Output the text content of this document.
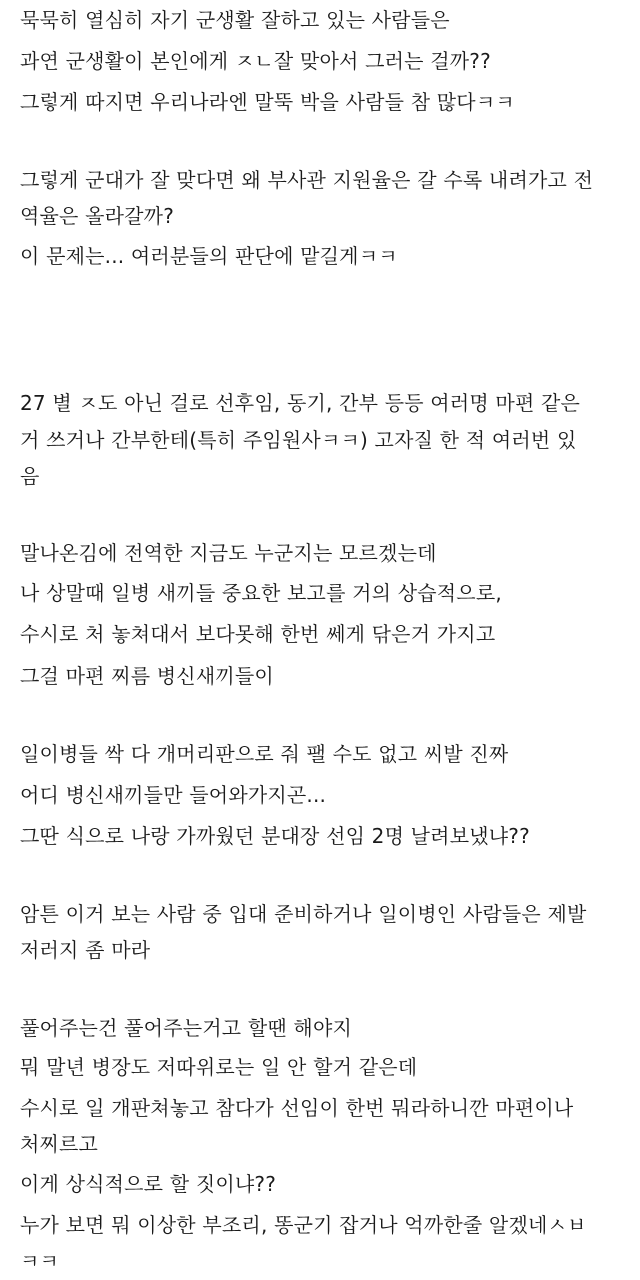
묵묵히 열심히 자기 군생활 잘하고 있는 사람들은
과연 군생활이 본인에게 ㅈㄴ잘 맞아서 그러는 걸까??
그렇게 따지면 우리나라엔 말뚝 박을 사람들 참 많다ㅋㅋ
그렇게 군대가 잘 맞다면 왜 부사관 지원율은 갈 수록 내려가고 전
역율은 올라갈까?
이 문제는... 여러분들의 판단에 맡길게ㅋㅋ
27 별 ㅈ도 아닌 걸로 선후임, 동기, 간부 등등 여러명 마편 같은
거 쓰거나 간부한테(특히 주임원사ㅋㅋ) 고자질 한 적 여러번 있
음
말나온김에 전역한 지금도 누군지는 모르겠는데
나 상말때 일병 새끼들 중요한 보고를 거의 상습적으로,
수시로 처 놓쳐대서 보다못해 한번 쎄게 닦은거 가지고
그걸 마편 찌름 병신새끼들이
일이병들 싹 다 개머리판으로 줘 팰 수도 없고 씨발 진짜
어디 병신새끼들만 들어와가지곤...
그딴 식으로 나랑 가까웠던 분대장 선임 2명 날려보냈냐??
암튼 이거 보는 사람 중 입대 준비하거나 일이병인 사람들은 제발
저러지 좀 마라
풀어주는건 풀어주는거고 할땐 해야지
뭐 말년 병장도 저따위로는 일 안 할거 같은데
수시로 일 개판쳐놓고 참다가 선임이 한번 뭐라하니깐 마편이나
처찌르고
이게 상식적으로 할 짓이냐??
누가 보면 뭐 이상한 부조리, 똥군기 잡거나 억까한줄 알겠네ㅅㅂ
ㅋㅋ
